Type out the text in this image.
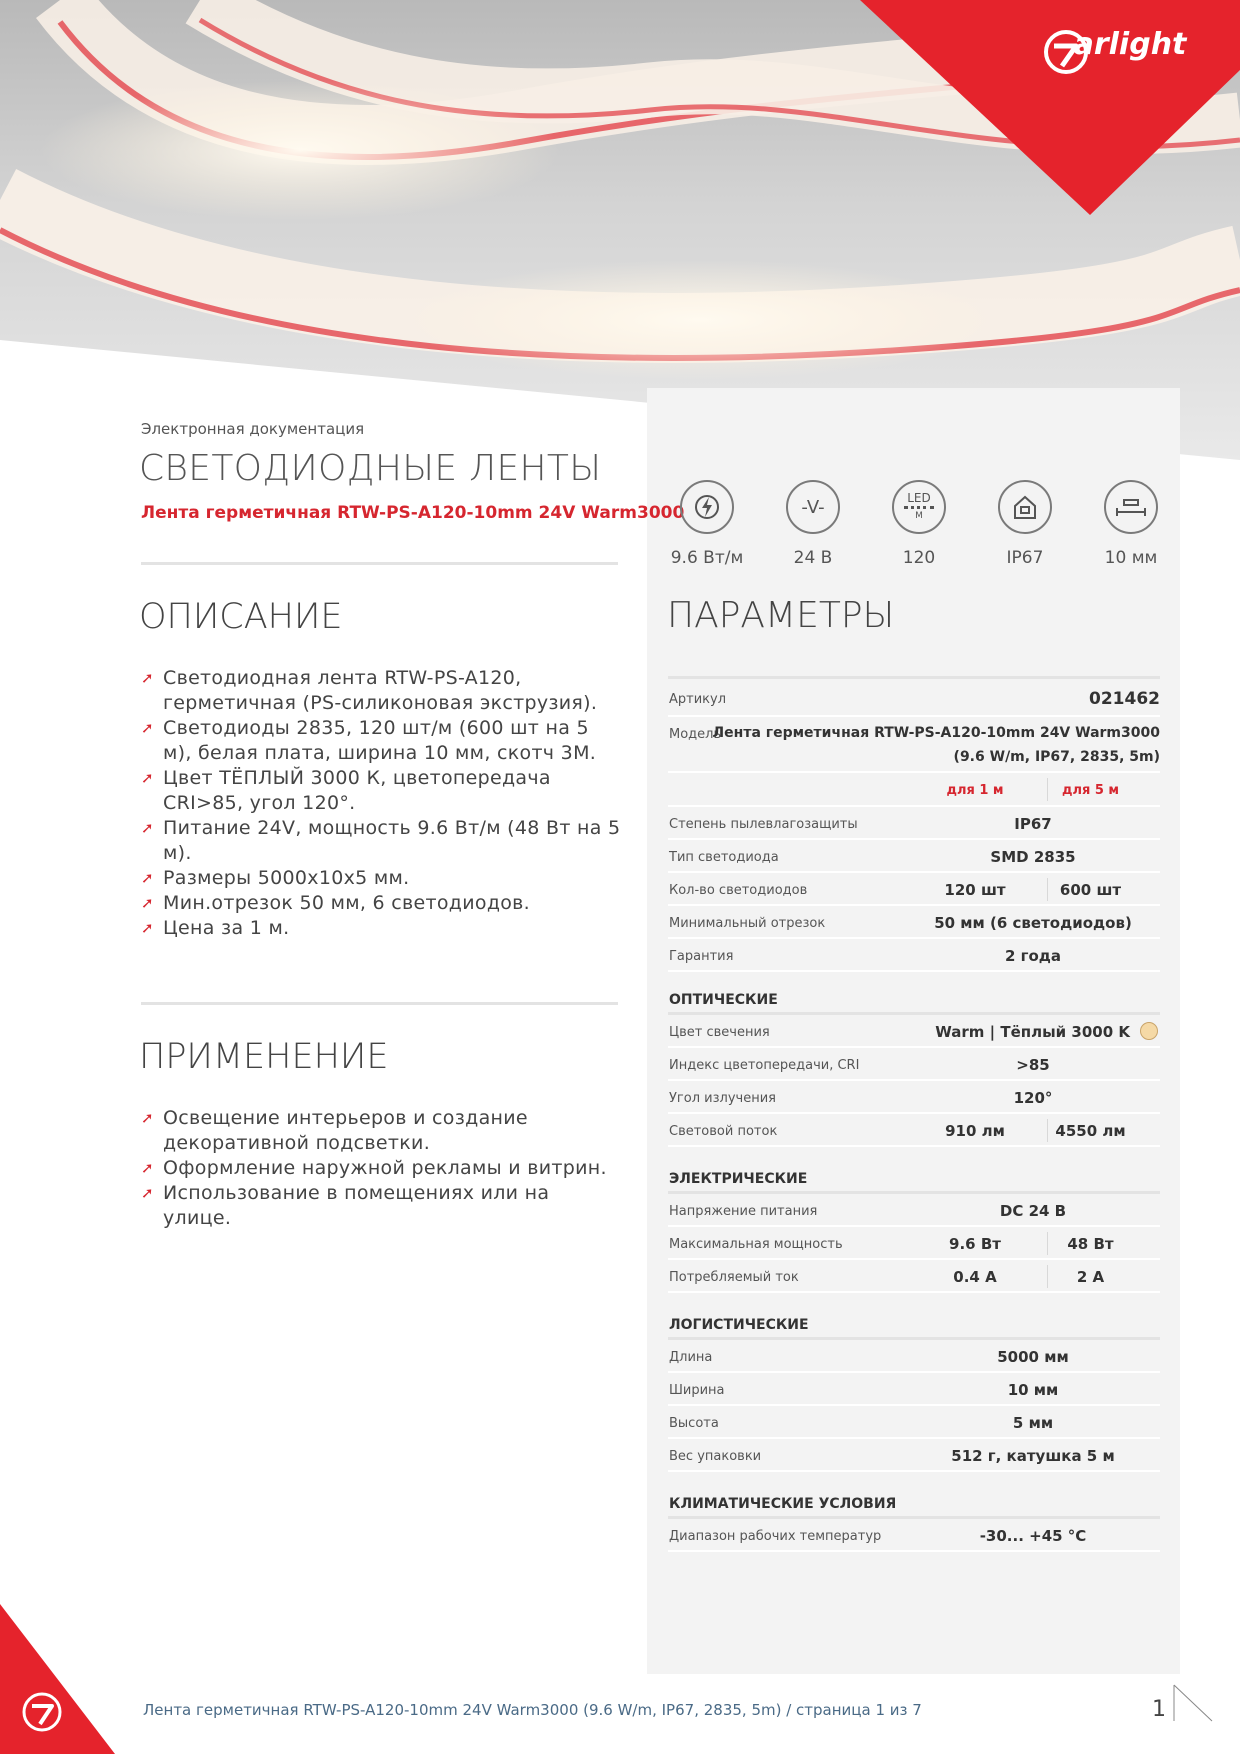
arlight
Электронная документация
СВЕТОДИОДНЫЕ ЛЕНТЫ
Лента герметичная RTW-PS-A120-10mm 24V Warm3000
ОПИСАНИЕ
➚ Светодиодная лента RTW-PS-A120, герметичная (PS-силиконовая экструзия).
➚ Светодиоды 2835, 120 шт/м (600 шт на 5 м), белая плата, ширина 10 мм, скотч 3М.
➚ Цвет ТЁПЛЫЙ 3000 К, цветопередача CRI>85, угол 120°.
➚ Питание 24V, мощность 9.6 Вт/м (48 Вт на 5 м).
➚ Размеры 5000x10x5 мм.
➚ Мин.отрезок 50 мм, 6 светодиодов.
➚ Цена за 1 м.
ПРИМЕНЕНИЕ
➚ Освещение интерьеров и создание декоративной подсветки.
➚ Оформление наружной рекламы и витрин.
➚ Использование в помещениях или на улице.
9.6 Вт/м
-V-
24 В
LED
M
120	IP67	10 мм
ПАРАМЕТРЫ
Артикул	021462
Модель
Лента герметичная RTW-PS-A120-10mm 24V Warm3000
(9.6 W/m, IP67, 2835, 5m)
для 1 м	для 5 м
Степень пылевлагозащиты	IP67
Тип светодиода	SMD 2835
Кол-во светодиодов	120 шт	600 шт
Минимальный отрезок	50 мм (6 светодиодов)
Гарантия	2 года
ОПТИЧЕСКИЕ
Цвет свечения	Warm | Тёплый 3000 K
Индекс цветопередачи, CRI	>85
Угол излучения	120°
Световой поток	910 лм	4550 лм
ЭЛЕКТРИЧЕСКИЕ
Напряжение питания	DC 24 В
Максимальная мощность	9.6 Вт	48 Вт
Потребляемый ток	0.4 A	2 A
ЛОГИСТИЧЕСКИЕ
Длина	5000 мм
Ширина	10 мм
Высота	5 мм
Вес упаковки	512 г, катушка 5 м
КЛИМАТИЧЕСКИЕ УСЛОВИЯ
Диапазон рабочих температур	-30... +45 °С
Лента герметичная RTW-PS-A120-10mm 24V Warm3000 (9.6 W/m, IP67, 2835, 5m) / страница 1 из 7	1
